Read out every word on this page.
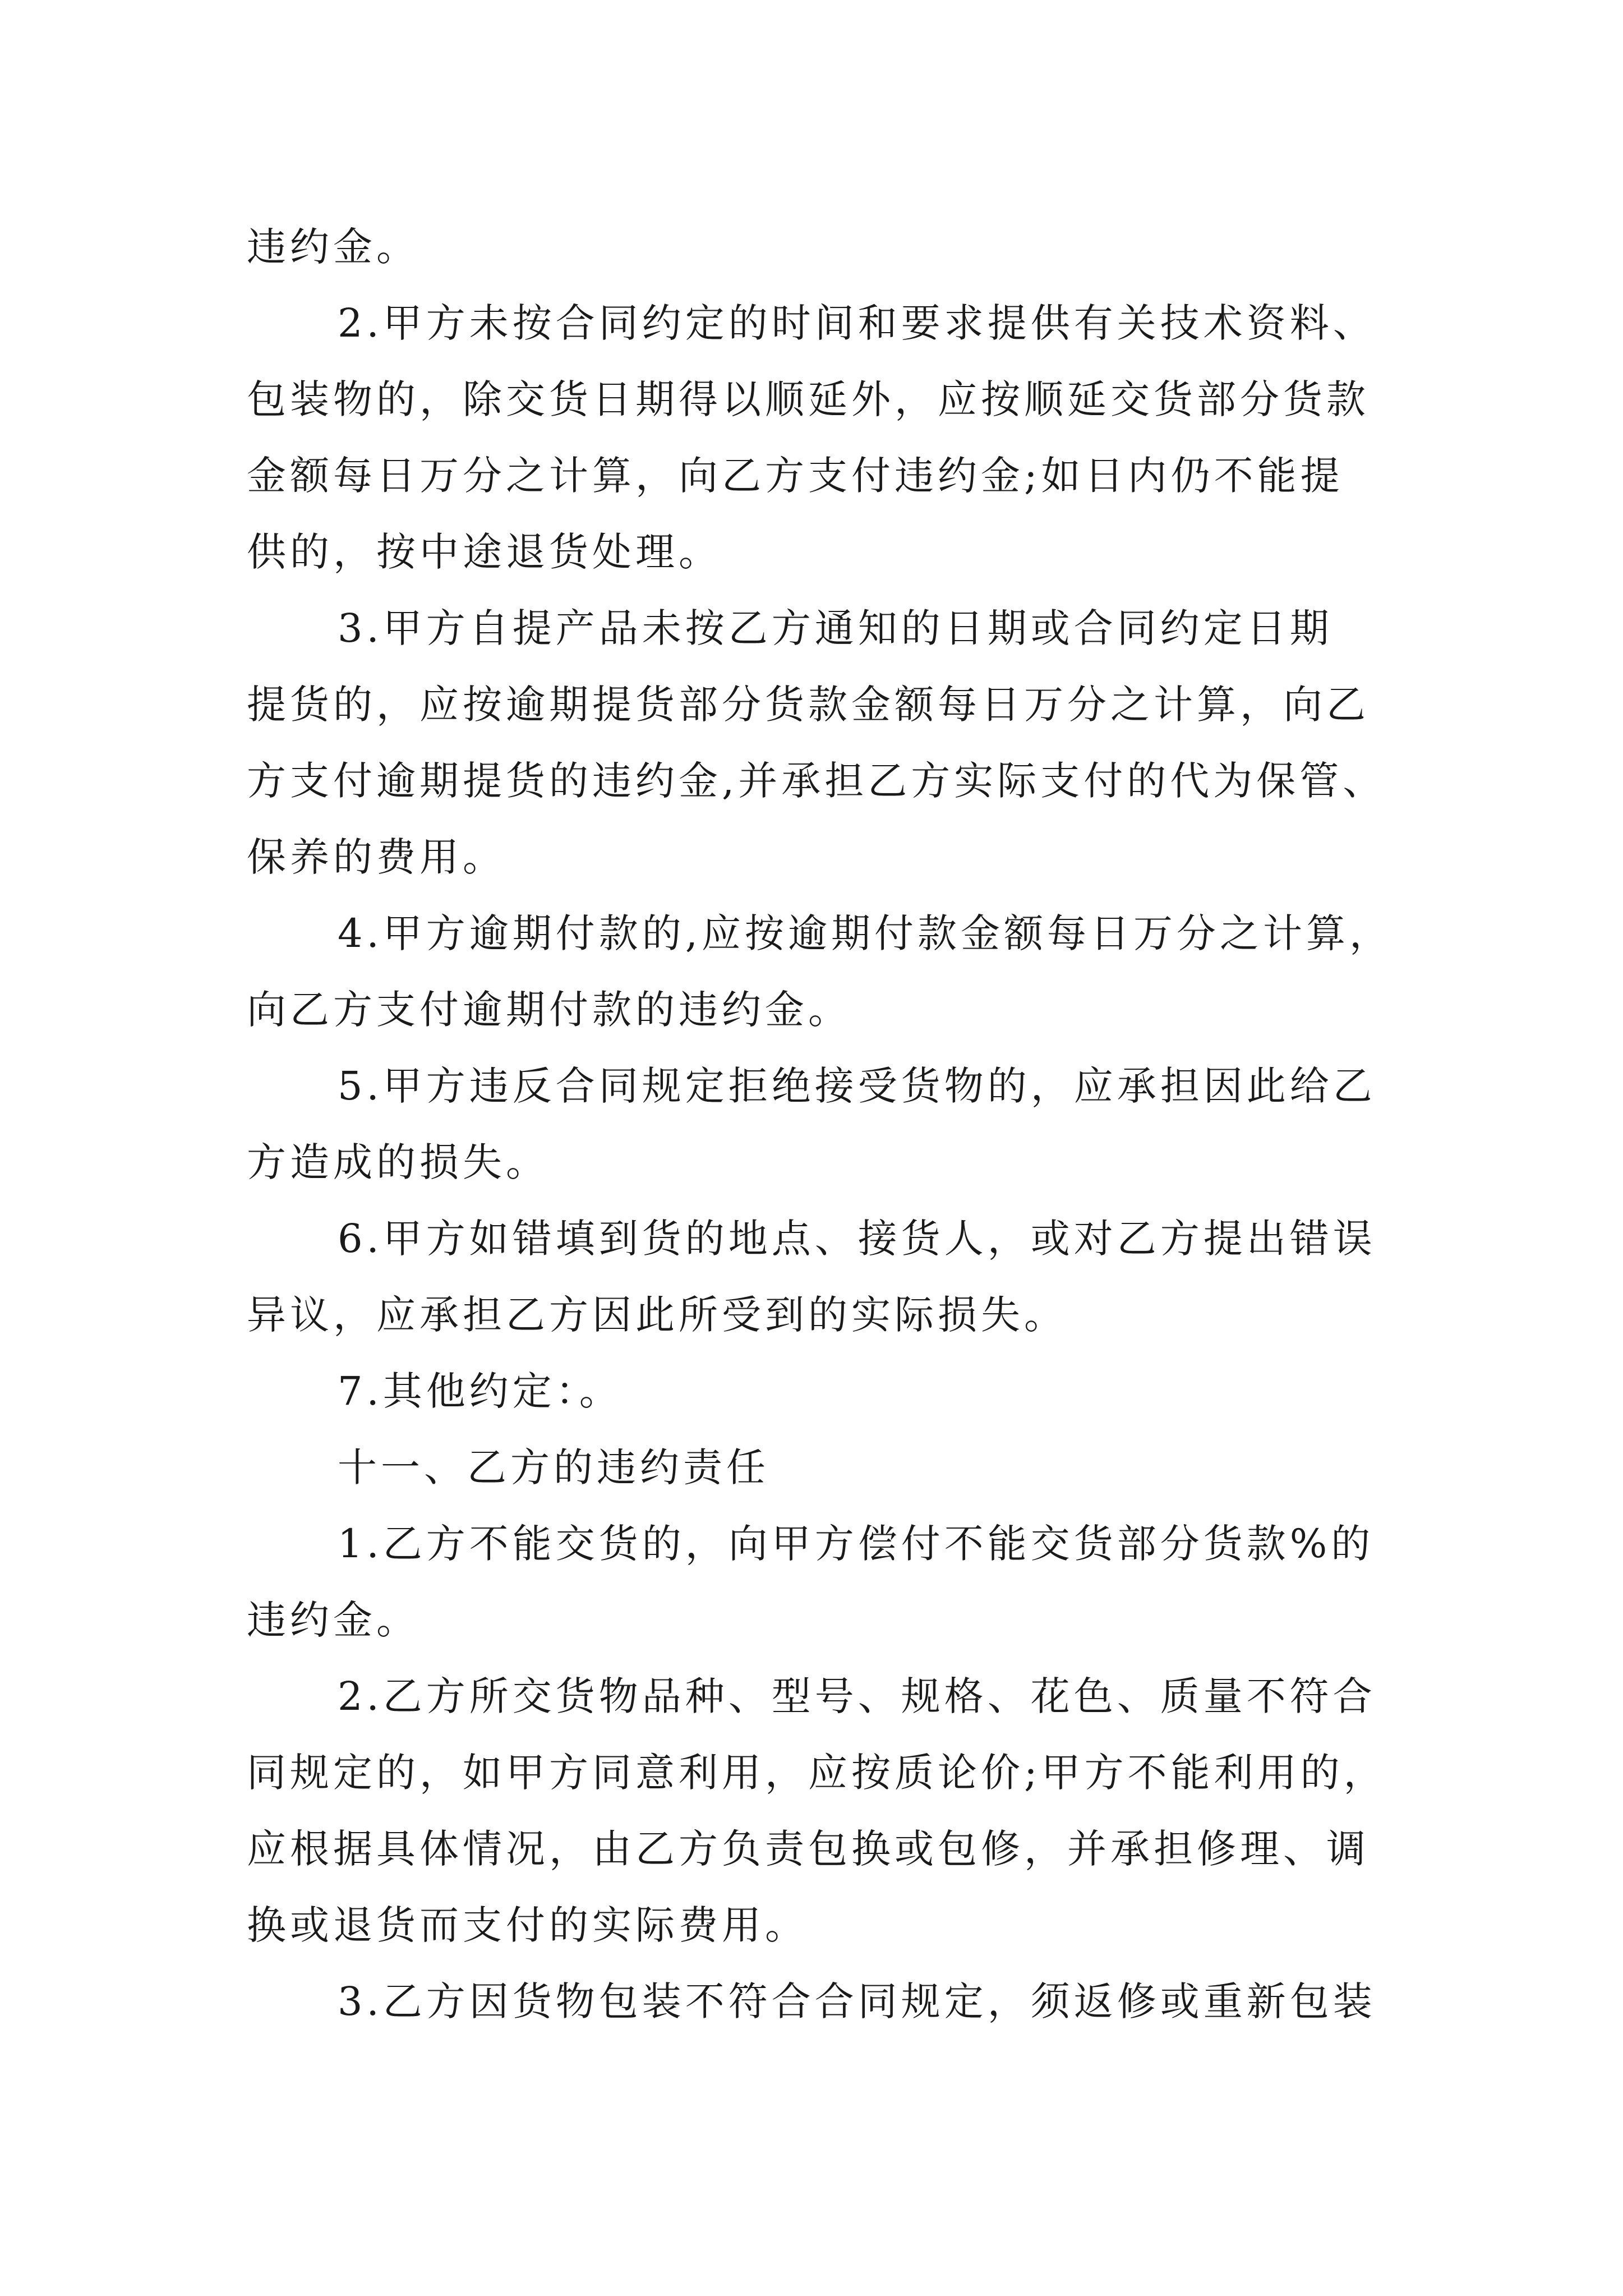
违约金。
2.甲方未按合同约定的时间和要求提供有关技术资料、
包装物的，除交货日期得以顺延外，应按顺延交货部分货款
金额每日万分之计算，向乙方支付违约金;如日内仍不能提
供的，按中途退货处理。
3.甲方自提产品未按乙方通知的日期或合同约定日期
提货的，应按逾期提货部分货款金额每日万分之计算，向乙
方支付逾期提货的违约金,并承担乙方实际支付的代为保管、
保养的费用。
4.甲方逾期付款的,应按逾期付款金额每日万分之计算，
向乙方支付逾期付款的违约金。
5.甲方违反合同规定拒绝接受货物的，应承担因此给乙
方造成的损失。
6.甲方如错填到货的地点、接货人，或对乙方提出错误
异议，应承担乙方因此所受到的实际损失。
7.其他约定：。
十一、乙方的违约责任
1.乙方不能交货的，向甲方偿付不能交货部分货款%的
违约金。
2.乙方所交货物品种、型号、规格、花色、质量不符合
同规定的，如甲方同意利用，应按质论价;甲方不能利用的，
应根据具体情况，由乙方负责包换或包修，并承担修理、调
换或退货而支付的实际费用。
3.乙方因货物包装不符合合同规定，须返修或重新包装
